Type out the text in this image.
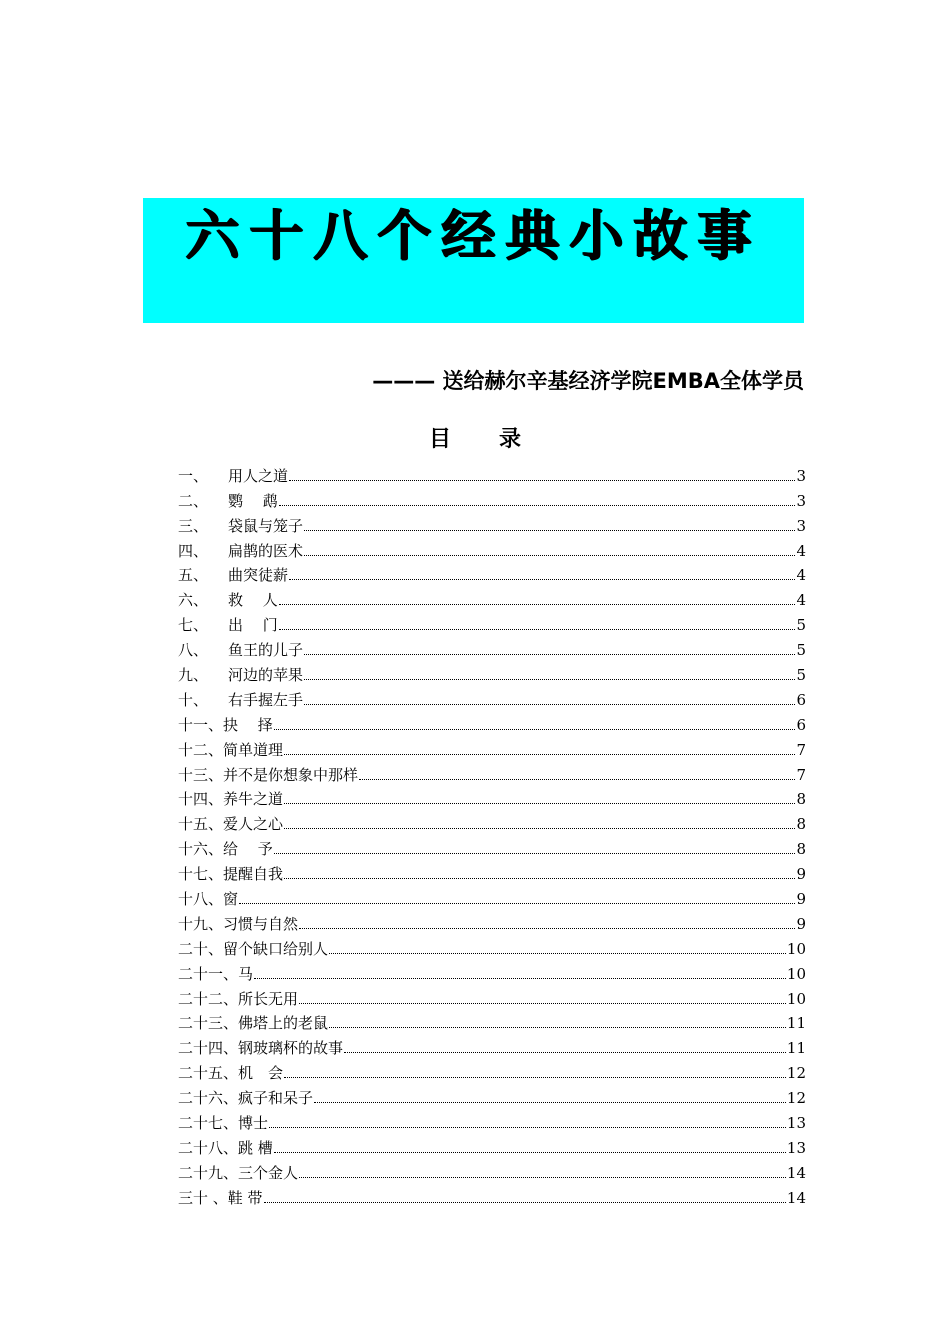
六十八个经典小故事
——— 送给赫尔辛基经济学院EMBA全体学员
目 录
一、	用人之道	3
二、	鹦　 鹉	3
三、	袋鼠与笼子	3
四、	扁鹊的医术	4
五、	曲突徒薪	4
六、	救　 人	4
七、	出　 门	5
八、	鱼王的儿子	5
九、	河边的苹果	5
十、	右手握左手	6
十一、 抉　 择	6
十二、 简单道理	7
十三、 并不是你想象中那样	7
十四、 养牛之道	8
十五、 爱人之心	8
十六、 给　 予	8
十七、 提醒自我	9
十八、 窗	9
十九、 习惯与自然	9
二十、 留个缺口给别人	10
二十一、 马	10
二十二、 所长无用	10
二十三、 佛塔上的老鼠	11
二十四、 钢玻璃杯的故事	11
二十五、 机　会	12
二十六、 疯子和呆子	12
二十七、 博士	13
二十八、 跳 槽	13
二十九、 三个金人	14
三十 、 鞋 带	14
